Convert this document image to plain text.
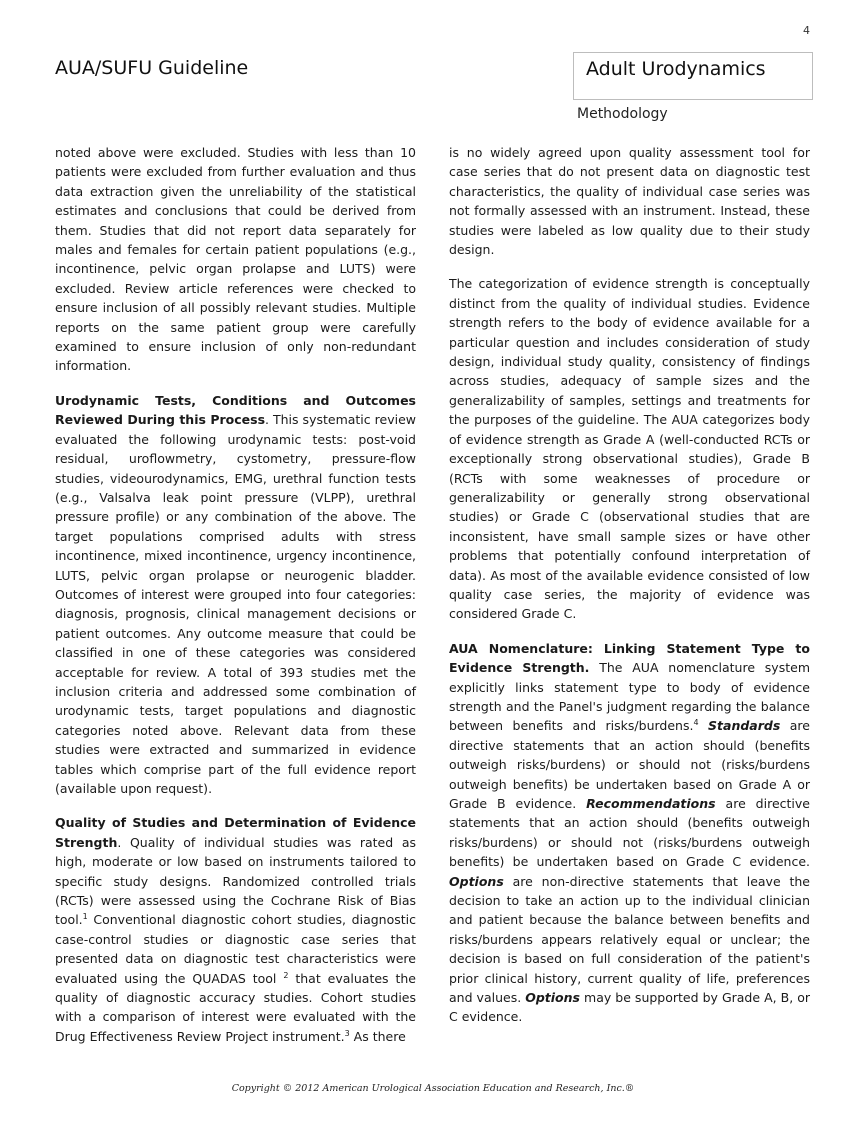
4
AUA/SUFU Guideline	Adult Urodynamics
Methodology

noted above were excluded. Studies with less than 10 patients were excluded from further evaluation and thus data extraction given the unreliability of the statistical estimates and conclusions that could be derived from them. Studies that did not report data separately for males and females for certain patient populations (e.g., incontinence, pelvic organ prolapse and LUTS) were excluded. Review article references were checked to ensure inclusion of all possibly relevant studies. Multiple reports on the same patient group were carefully examined to ensure inclusion of only non-redundant information.

Urodynamic Tests, Conditions and Outcomes Reviewed During this Process. This systematic review evaluated the following urodynamic tests: post-void residual, uroflowmetry, cystometry, pressure-flow studies, videourodynamics, EMG, urethral function tests (e.g., Valsalva leak point pressure (VLPP), urethral pressure profile) or any combination of the above. The target populations comprised adults with stress incontinence, mixed incontinence, urgency incontinence, LUTS, pelvic organ prolapse or neurogenic bladder. Outcomes of interest were grouped into four categories: diagnosis, prognosis, clinical management decisions or patient outcomes. Any outcome measure that could be classified in one of these categories was considered acceptable for review. A total of 393 studies met the inclusion criteria and addressed some combination of urodynamic tests, target populations and diagnostic categories noted above. Relevant data from these studies were extracted and summarized in evidence tables which comprise part of the full evidence report (available upon request).

Quality of Studies and Determination of Evidence Strength. Quality of individual studies was rated as high, moderate or low based on instruments tailored to specific study designs. Randomized controlled trials (RCTs) were assessed using the Cochrane Risk of Bias tool.$^1$ Conventional diagnostic cohort studies, diagnostic case-control studies or diagnostic case series that presented data on diagnostic test characteristics were evaluated using the QUADAS tool $^2$ that evaluates the quality of diagnostic accuracy studies. Cohort studies with a comparison of interest were evaluated with the Drug Effectiveness Review Project instrument.$^3$ As there

is no widely agreed upon quality assessment tool for case series that do not present data on diagnostic test characteristics, the quality of individual case series was not formally assessed with an instrument. Instead, these studies were labeled as low quality due to their study design.

The categorization of evidence strength is conceptually distinct from the quality of individual studies. Evidence strength refers to the body of evidence available for a particular question and includes consideration of study design, individual study quality, consistency of findings across studies, adequacy of sample sizes and the generalizability of samples, settings and treatments for the purposes of the guideline. The AUA categorizes body of evidence strength as Grade A (well-conducted RCTs or exceptionally strong observational studies), Grade B (RCTs with some weaknesses of procedure or generalizability or generally strong observational studies) or Grade C (observational studies that are inconsistent, have small sample sizes or have other problems that potentially confound interpretation of data). As most of the available evidence consisted of low quality case series, the majority of evidence was considered Grade C.

AUA Nomenclature: Linking Statement Type to Evidence Strength. The AUA nomenclature system explicitly links statement type to body of evidence strength and the Panel's judgment regarding the balance between benefits and risks/burdens.$^4$ Standards are directive statements that an action should (benefits outweigh risks/burdens) or should not (risks/burdens outweigh benefits) be undertaken based on Grade A or Grade B evidence. Recommendations are directive statements that an action should (benefits outweigh risks/burdens) or should not (risks/burdens outweigh benefits) be undertaken based on Grade C evidence. Options are non-directive statements that leave the decision to take an action up to the individual clinician and patient because the balance between benefits and risks/burdens appears relatively equal or unclear; the decision is based on full consideration of the patient's prior clinical history, current quality of life, preferences and values. Options may be supported by Grade A, B, or C evidence.

Copyright © 2012 American Urological Association Education and Research, Inc.®
